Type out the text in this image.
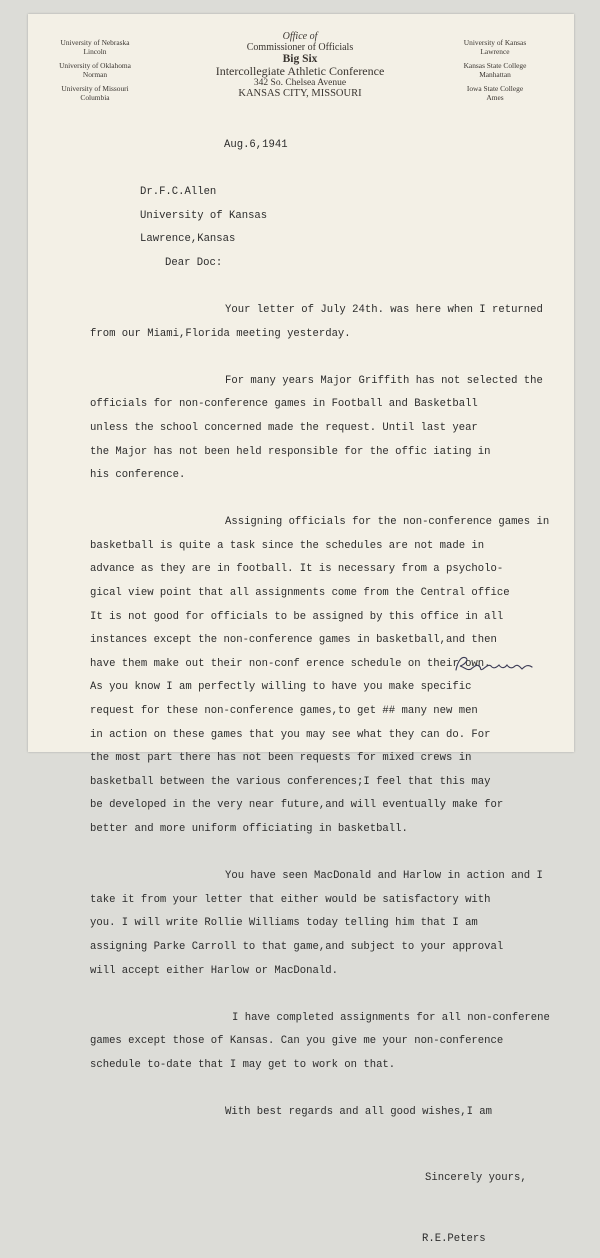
University of Nebraska
Lincoln
University of Oklahoma
Norman
University of Missouri
Columbia
Office of
Commissioner of Officials
Big Six
Intercollegiate Athletic Conference
342 So. Chelsea Avenue
KANSAS CITY, MISSOURI
University of Kansas
Lawrence
Kansas State College
Manhattan
Iowa State College
Ames

Aug.6,1941

Dr.F.C.Allen

University of Kansas

Lawrence,Kansas

Dear Doc:

Your letter of July 24th. was here when I returned

from our Miami,Florida meeting yesterday.

For many years Major Griffith has not selected the

officials for non-conference games in Football and Basketball

unless the school concerned made the request. Until last year

the Major has not been held responsible for the offic iating in

his conference.

Assigning officials for the non-conference games in

basketball is quite a task since the schedules are not made in

advance as they are in football. It is necessary from a psycholo-

gical view point that all assignments come from the Central office

It is not good for officials to be assigned by this office in all

instances except the non-conference games in basketball,and then

have them make out their non-conf erence schedule on their own.

As you know I am perfectly willing to have you make specific

request for these non-conference games,to get ## many new men

in action on these games that you may see what they can do. For

the most part there has not been requests for mixed crews in

basketball between the various conferences;I feel that this may

be developed in the very near future,and will eventually make for

better and more uniform officiating in basketball.

You have seen MacDonald and Harlow in action and I

take it from your letter that either would be satisfactory with

you. I will write Rollie Williams today telling him that I am

assigning Parke Carroll to that game,and subject to your approval

will accept either Harlow or MacDonald.

I have completed assignments for all non-conferene

games except those of Kansas. Can you give me your non-conference

schedule to-date that I may get to work on that.

With best regards and all good wishes,I am

Sincerely yours,

R.E.Peters
